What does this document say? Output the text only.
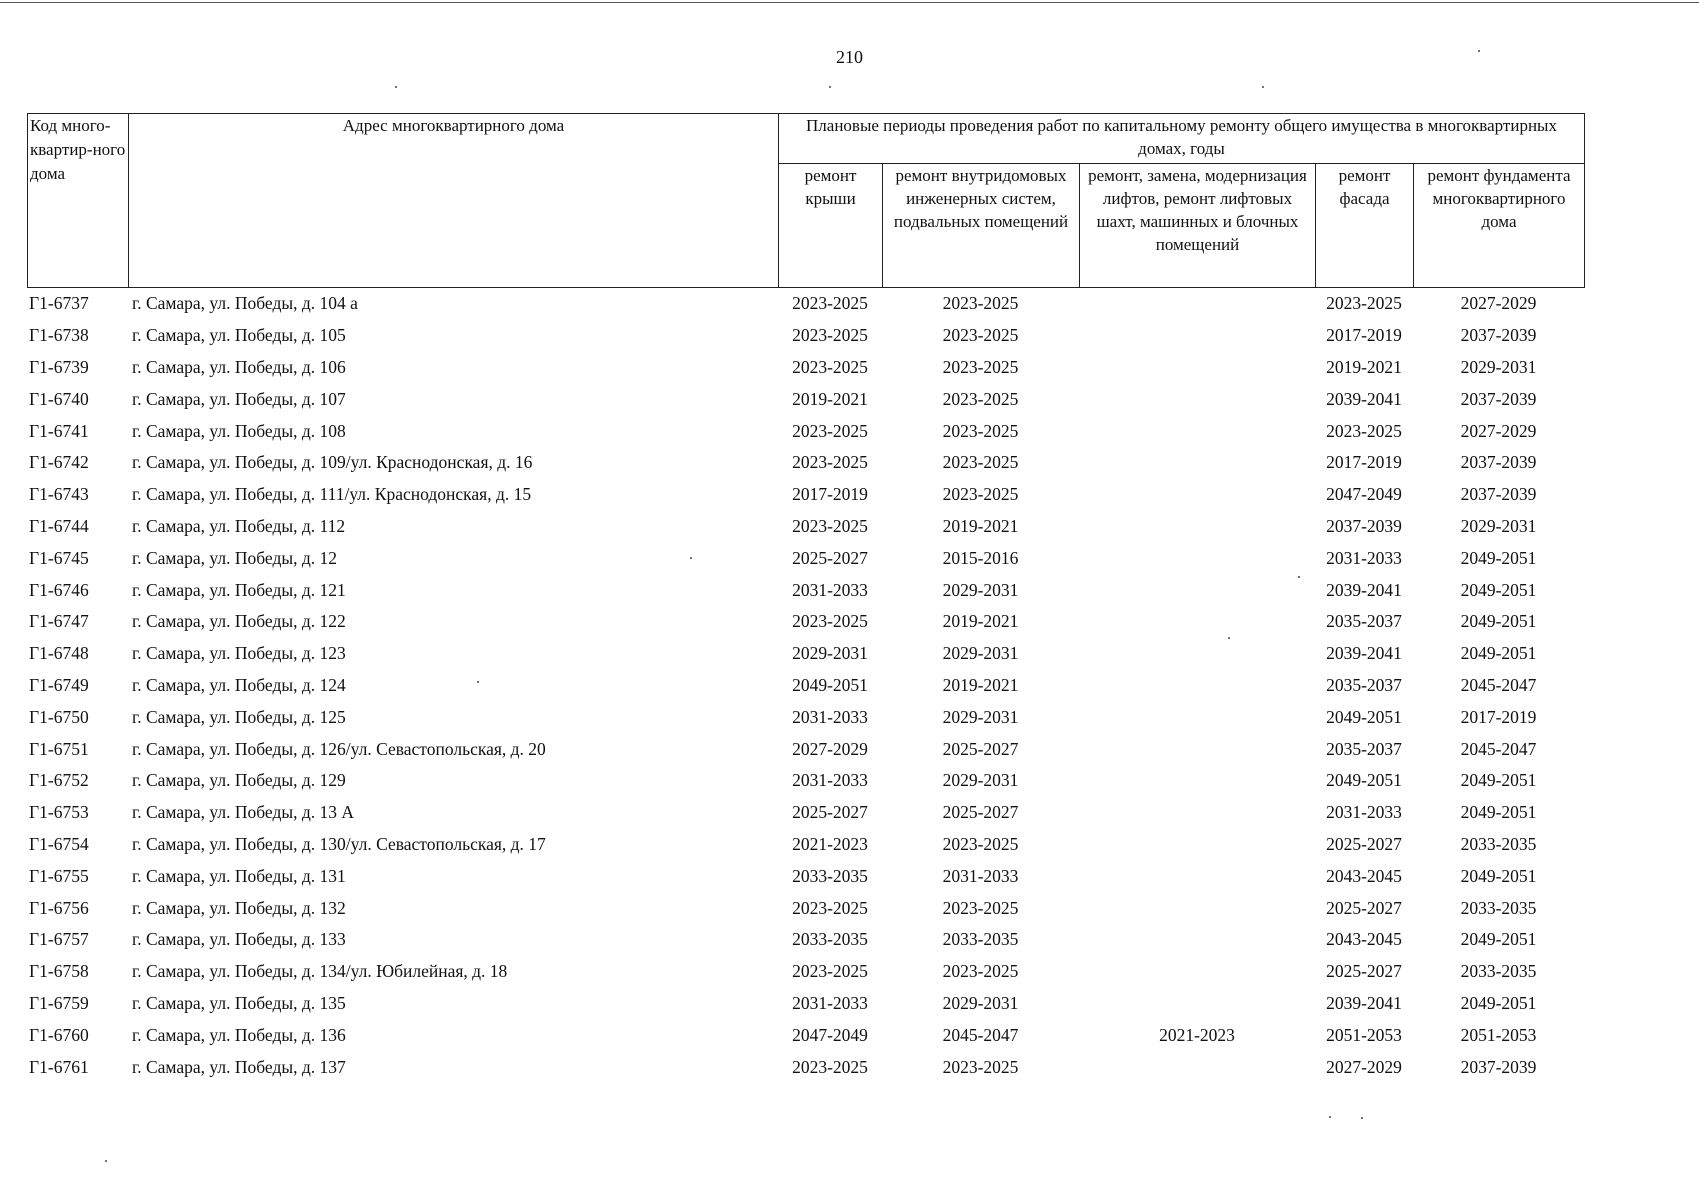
210
Код много-квартир-ного дома	Адрес многоквартирного дома	Плановые периоды проведения работ по капитальному ремонту общего имущества в многоквартирных домах, годы				
		ремонт крыши	ремонт внутридомовых инженерных систем, подвальных помещений	ремонт, замена, модернизация лифтов, ремонт лифтовых шахт, машинных и блочных помещений	ремонт фасада	ремонт фундамента многоквартирного дома
Г1-6737	г. Самара, ул. Победы, д. 104 а	2023-2025	2023-2025		2023-2025	2027-2029
Г1-6738	г. Самара, ул. Победы, д. 105	2023-2025	2023-2025		2017-2019	2037-2039
Г1-6739	г. Самара, ул. Победы, д. 106	2023-2025	2023-2025		2019-2021	2029-2031
Г1-6740	г. Самара, ул. Победы, д. 107	2019-2021	2023-2025		2039-2041	2037-2039
Г1-6741	г. Самара, ул. Победы, д. 108	2023-2025	2023-2025		2023-2025	2027-2029
Г1-6742	г. Самара, ул. Победы, д. 109/ул. Краснодонская, д. 16	2023-2025	2023-2025		2017-2019	2037-2039
Г1-6743	г. Самара, ул. Победы, д. 111/ул. Краснодонская, д. 15	2017-2019	2023-2025		2047-2049	2037-2039
Г1-6744	г. Самара, ул. Победы, д. 112	2023-2025	2019-2021		2037-2039	2029-2031
Г1-6745	г. Самара, ул. Победы, д. 12	2025-2027	2015-2016		2031-2033	2049-2051
Г1-6746	г. Самара, ул. Победы, д. 121	2031-2033	2029-2031		2039-2041	2049-2051
Г1-6747	г. Самара, ул. Победы, д. 122	2023-2025	2019-2021		2035-2037	2049-2051
Г1-6748	г. Самара, ул. Победы, д. 123	2029-2031	2029-2031		2039-2041	2049-2051
Г1-6749	г. Самара, ул. Победы, д. 124	2049-2051	2019-2021		2035-2037	2045-2047
Г1-6750	г. Самара, ул. Победы, д. 125	2031-2033	2029-2031		2049-2051	2017-2019
Г1-6751	г. Самара, ул. Победы, д. 126/ул. Севастопольская, д. 20	2027-2029	2025-2027		2035-2037	2045-2047
Г1-6752	г. Самара, ул. Победы, д. 129	2031-2033	2029-2031		2049-2051	2049-2051
Г1-6753	г. Самара, ул. Победы, д. 13 А	2025-2027	2025-2027		2031-2033	2049-2051
Г1-6754	г. Самара, ул. Победы, д. 130/ул. Севастопольская, д. 17	2021-2023	2023-2025		2025-2027	2033-2035
Г1-6755	г. Самара, ул. Победы, д. 131	2033-2035	2031-2033		2043-2045	2049-2051
Г1-6756	г. Самара, ул. Победы, д. 132	2023-2025	2023-2025		2025-2027	2033-2035
Г1-6757	г. Самара, ул. Победы, д. 133	2033-2035	2033-2035		2043-2045	2049-2051
Г1-6758	г. Самара, ул. Победы, д. 134/ул. Юбилейная, д. 18	2023-2025	2023-2025		2025-2027	2033-2035
Г1-6759	г. Самара, ул. Победы, д. 135	2031-2033	2029-2031		2039-2041	2049-2051
Г1-6760	г. Самара, ул. Победы, д. 136	2047-2049	2045-2047	2021-2023	2051-2053	2051-2053
Г1-6761	г. Самара, ул. Победы, д. 137	2023-2025	2023-2025		2027-2029	2037-2039
